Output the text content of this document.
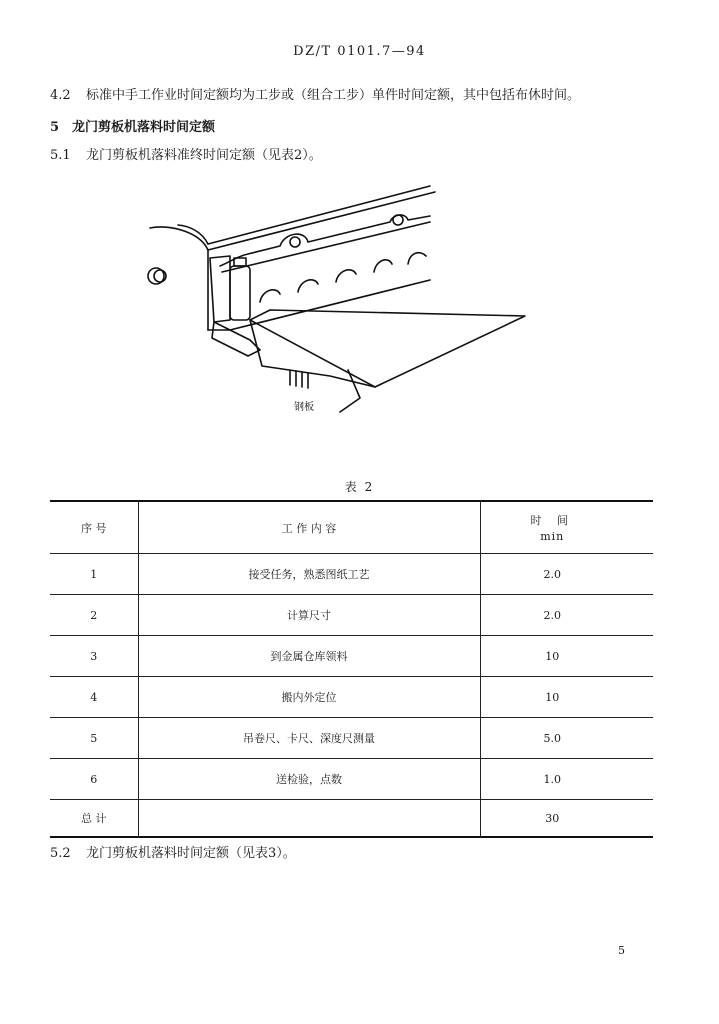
DZ/T 0101.7—94
4.2 标准中手工作业时间定额均为工步或（组合工步）单件时间定额，其中包括布休时间。
5 龙门剪板机落料时间定额
5.1 龙门剪板机落料准终时间定额（见表2）。
钢板
表 2
序 号	工 作 内 容	时 间
min

1	接受任务，熟悉图纸工艺	2.0
2	计算尺寸	2.0
3	到金属仓库领料	10
4	搬内外定位	10
5	吊卷尺、卡尺、深度尺测量	5.0
6	送检验，点数	1.0
总 计		30
5.2 龙门剪板机落料时间定额（见表3）。
5
